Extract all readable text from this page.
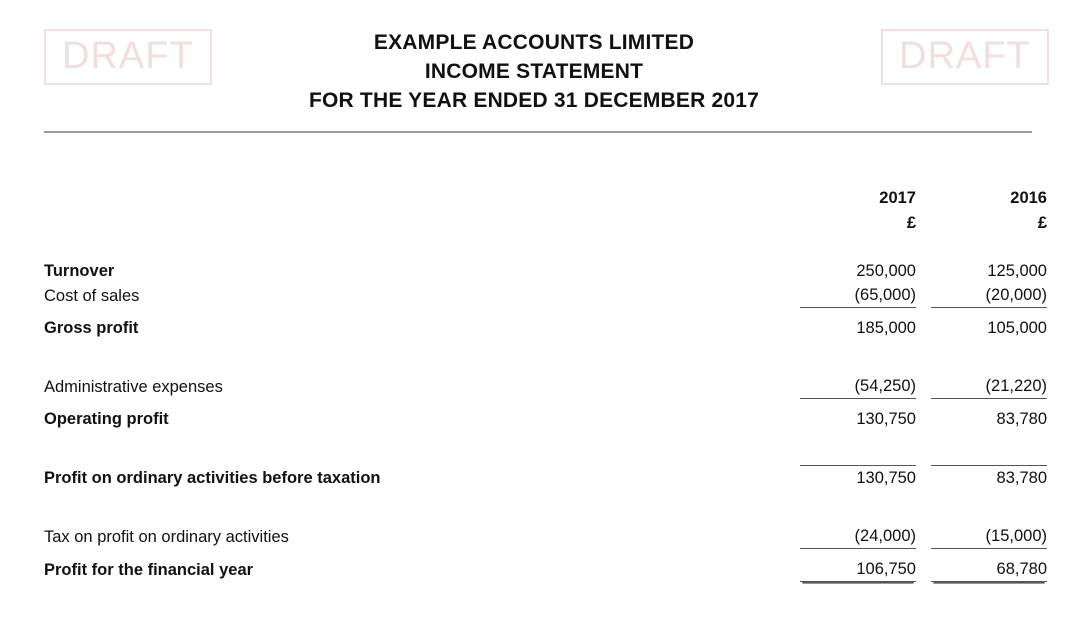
DRAFT	DRAFT
EXAMPLE ACCOUNTS LIMITED
INCOME STATEMENT
FOR THE YEAR ENDED 31 DECEMBER 2017
	2017		2016
	£		£

Turnover	250,000		125,000
Cost of sales	(65,000)		(20,000)

Gross profit	185,000		105,000

Administrative expenses	(54,250)		(21,220)

Operating profit	130,750		83,780

Profit on ordinary activities before taxation	130,750		83,780

Tax on profit on ordinary activities	(24,000)		(15,000)

Profit for the financial year	106,750		68,780
